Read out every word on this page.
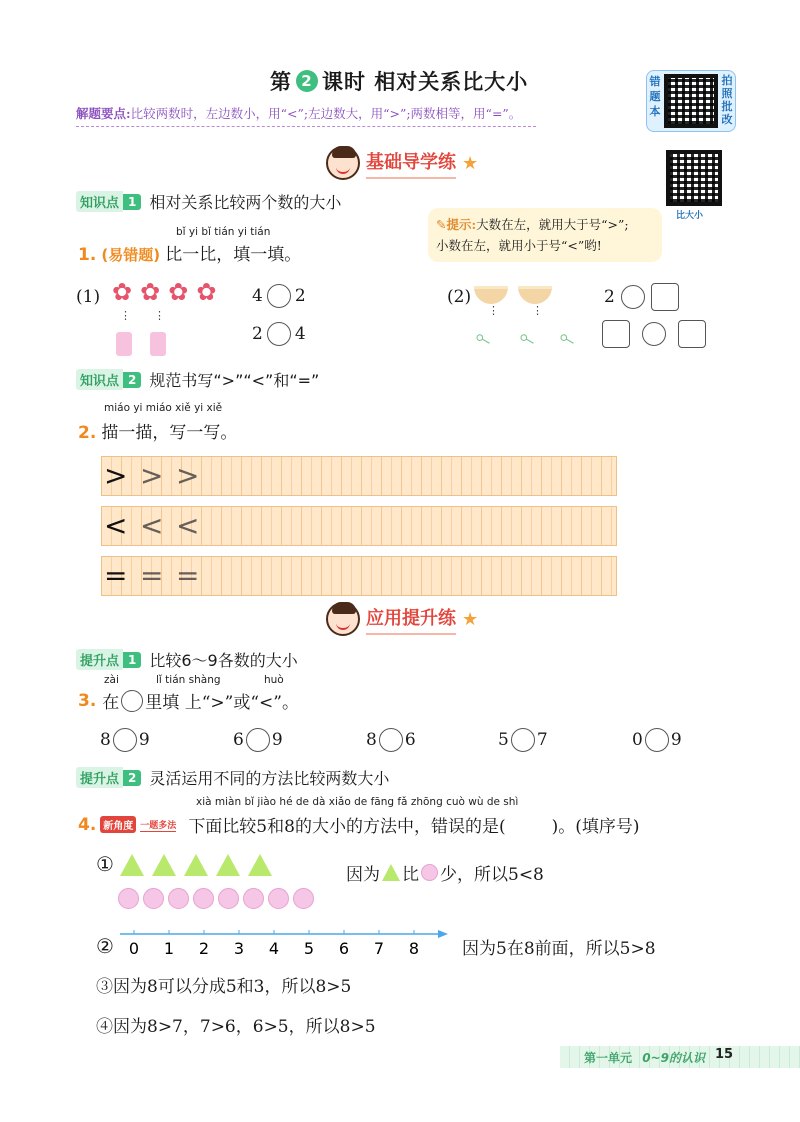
第 2 课时 相对关系比大小
解题要点:比较两数时，左边数小，用“<”;左边数大，用“>”;两数相等，用“=”。
错题本
拍照批改
比大小
基础导学练 ★
知识点 1 相对关系比较两个数的大小
bǐ yi bǐ tián yi tián
1. (易错题) 比一比，填一填。
✎提示:大数在左，就用大于号“>”;
小数在左，就用小于号“<”哟!
(1) ✿ ✿ ✿ ✿
⋮ ⋮
4 2
2 4
(2)
⋮	⋮
⟜ ⟜ ⟜
2
知识点 2 规范书写“>”“<”和“=”
miáo yi miáo xiě yi xiě
2. 描一描，写一写。
> > >
< < <
= = =
应用提升练 ★
提升点 1 比较6～9各数的大小
zài	lǐ tián shàng	huò
3. 在 里填 上“>”或“<”。
8 9	6 9	8 6	5 7	0 9
提升点 2 灵活运用不同的方法比较两数大小
xià miàn bǐ jiào hé de dà xiǎo de fāng fǎ zhōng cuò wù de shì
4. 新角度 一题多法 下面比较5和8的大小的方法中，错误的是(	)。(填序号)
①	因为 比 少，所以5<8
② 0 1 2 3 4 5 6 7 8	因为5在8前面，所以5>8
③因为8可以分成5和3，所以8>5
④因为8>7，7>6，6>5，所以8>5
第一单元 0~9的认识 15
